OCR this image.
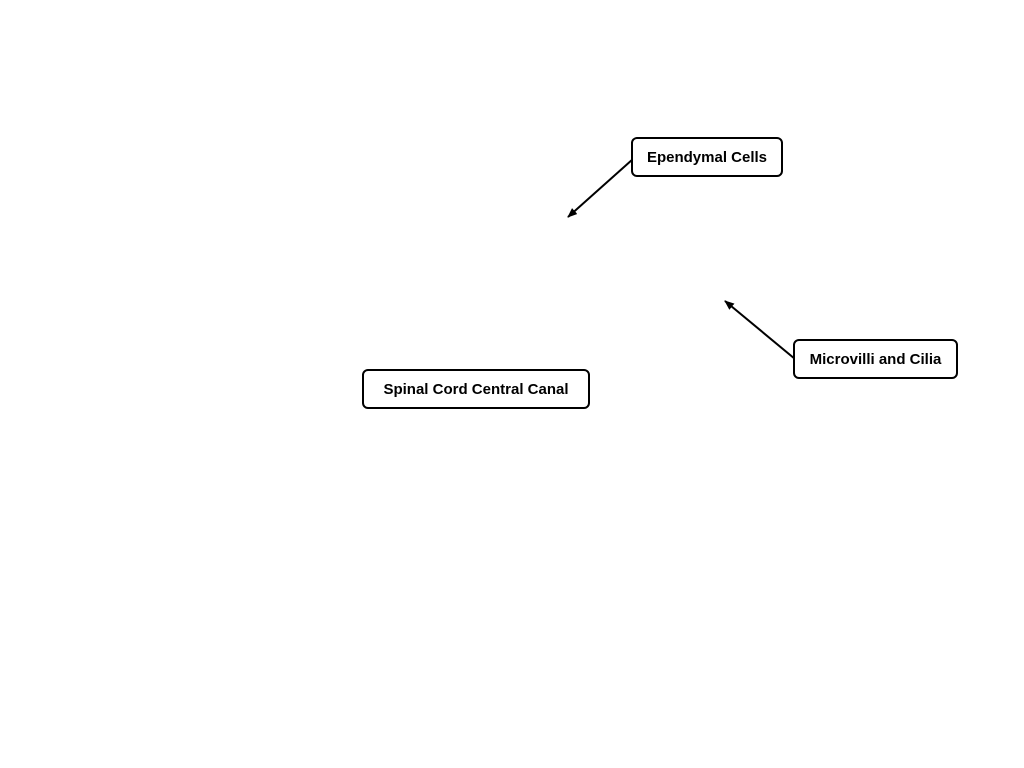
Ependymal Cells
Microvilli and Cilia
Spinal Cord Central Canal
